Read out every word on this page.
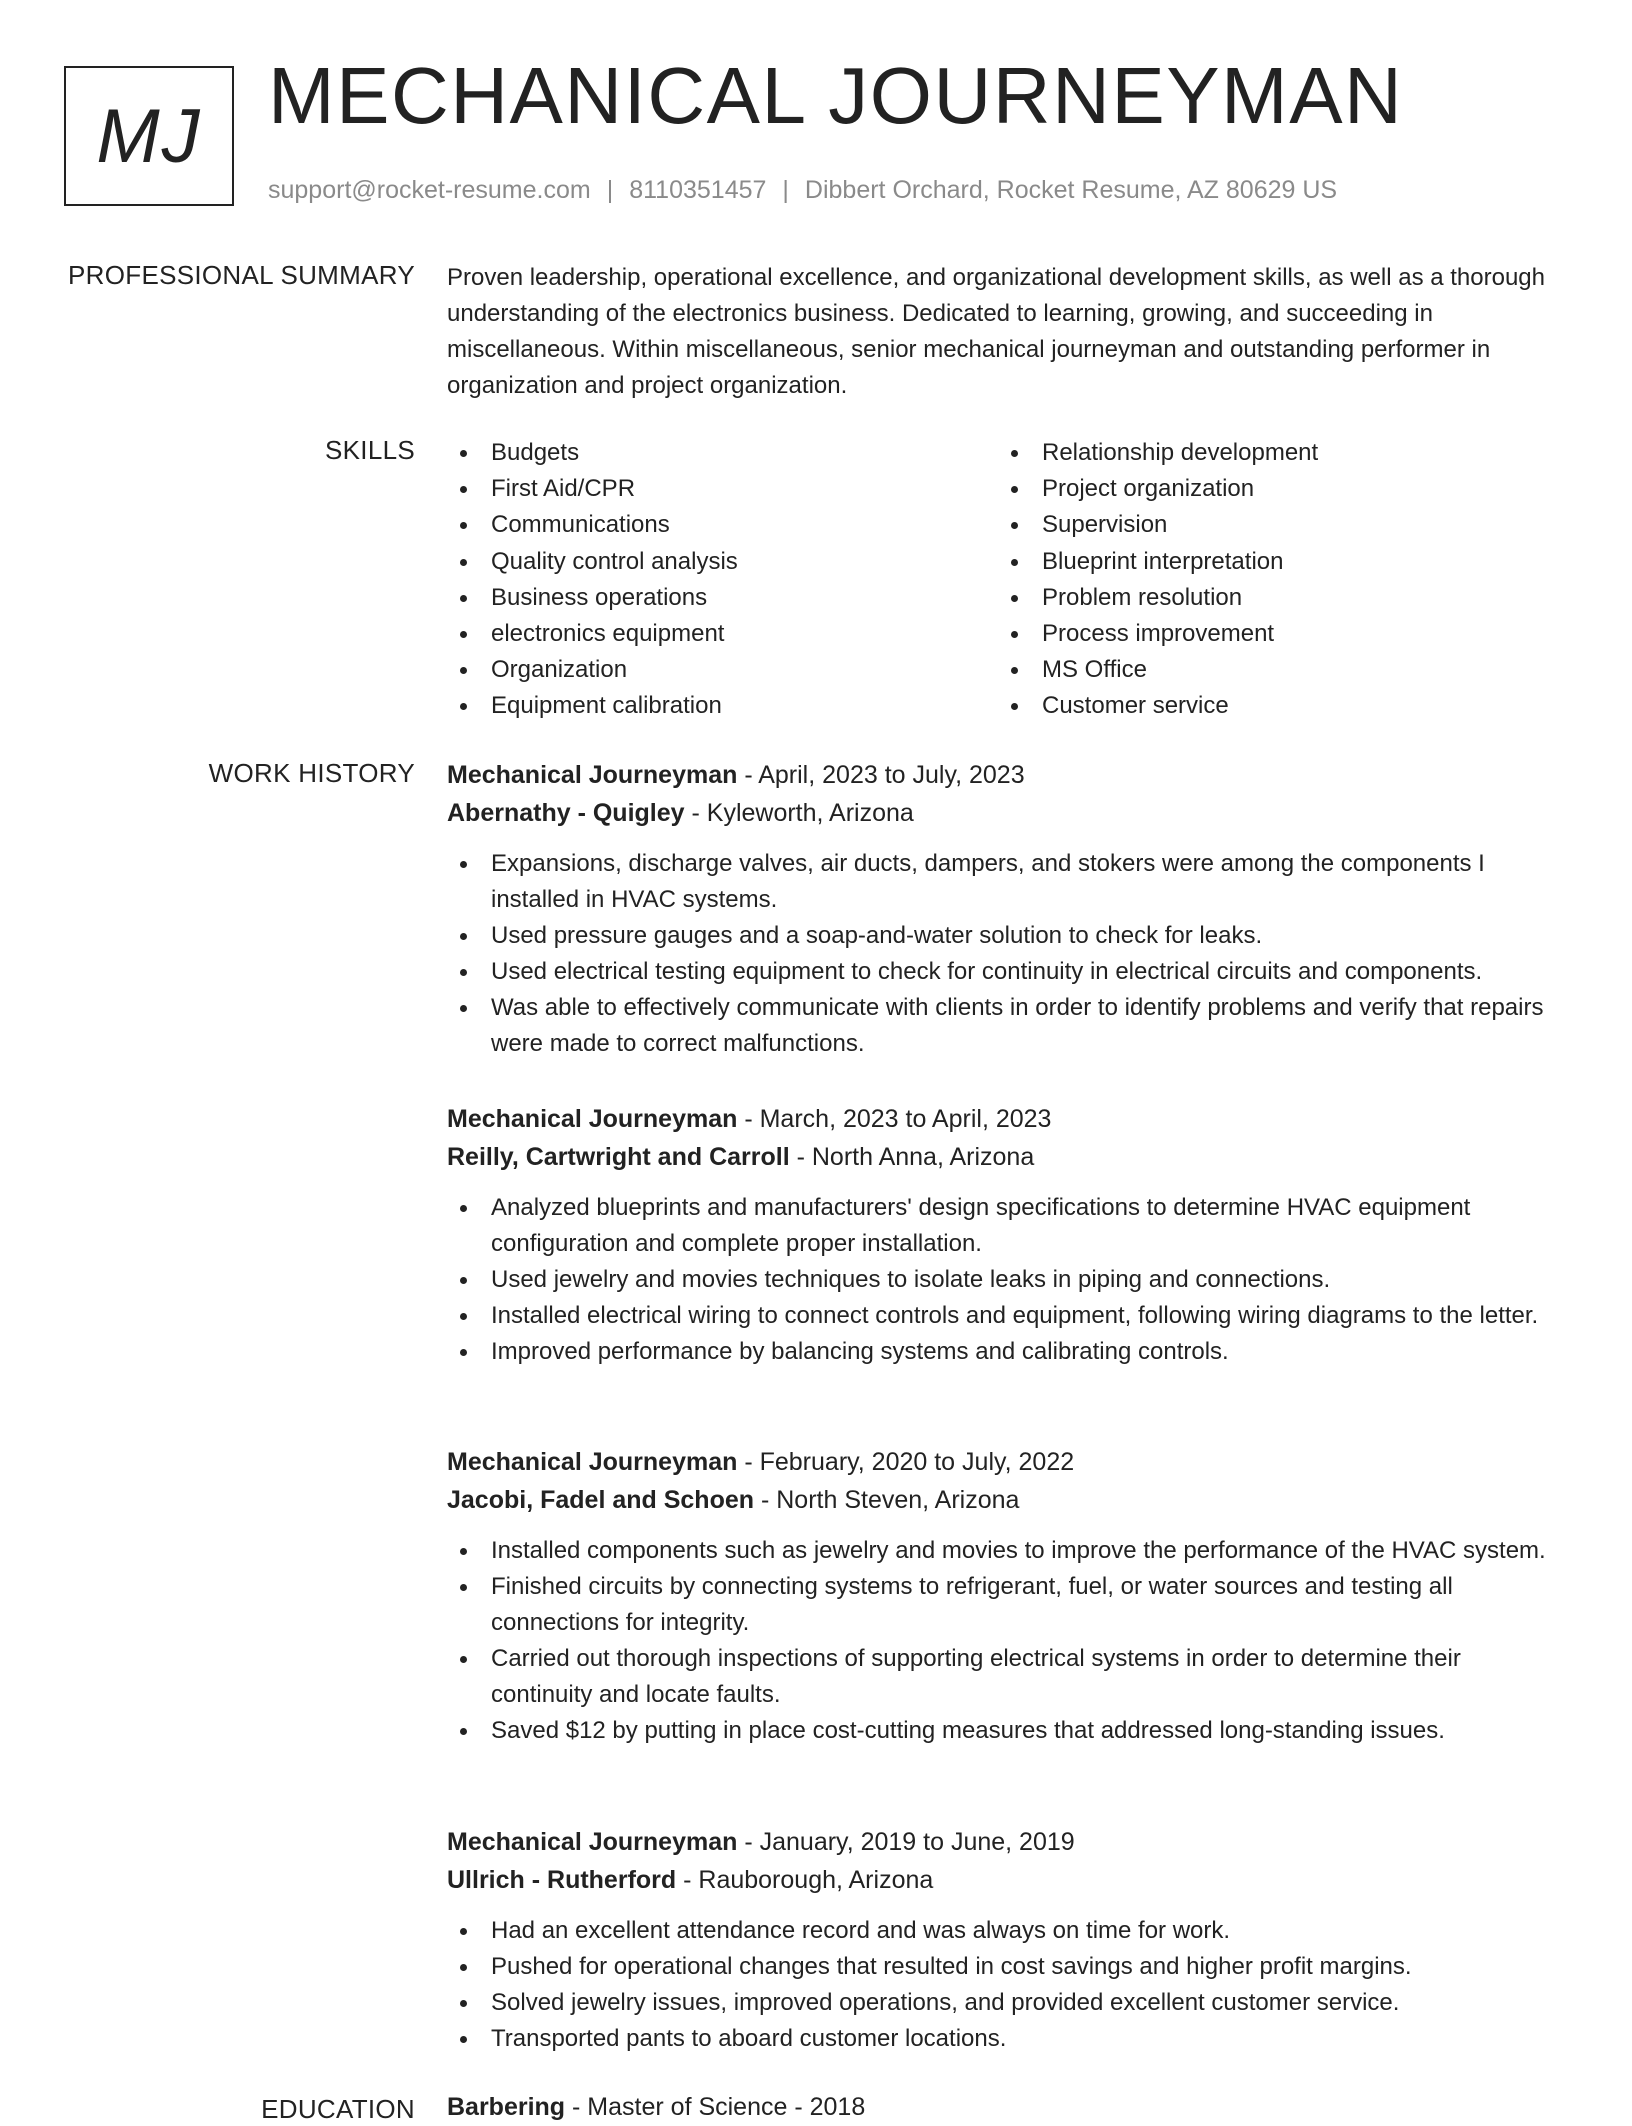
MJ MECHANICAL JOURNEYMAN
support@rocket-resume.com | 8110351457 | Dibbert Orchard, Rocket Resume, AZ 80629 US
PROFESSIONAL SUMMARY Proven leadership, operational excellence, and organizational development skills, as well as a thorough understanding of the electronics business. Dedicated to learning, growing, and succeeding in miscellaneous. Within miscellaneous, senior mechanical journeyman and outstanding performer in organization and project organization.

SKILLS	Budgets
First Aid/CPR
Communications
Quality control analysis
Business operations
electronics equipment
Organization
Equipment calibration
Relationship development
Project organization
Supervision
Blueprint interpretation
Problem resolution
Process improvement
MS Office
Customer service
WORK HISTORY Mechanical Journeyman - April, 2023 to July, 2023
Abernathy - Quigley - Kyleworth, Arizona
Expansions, discharge valves, air ducts, dampers, and stokers were among the components I installed in HVAC systems.
Used pressure gauges and a soap-and-water solution to check for leaks.
Used electrical testing equipment to check for continuity in electrical circuits and components.
Was able to effectively communicate with clients in order to identify problems and verify that repairs were made to correct malfunctions.
Mechanical Journeyman - March, 2023 to April, 2023
Reilly, Cartwright and Carroll - North Anna, Arizona
Analyzed blueprints and manufacturers' design specifications to determine HVAC equipment configuration and complete proper installation.
Used jewelry and movies techniques to isolate leaks in piping and connections.
Installed electrical wiring to connect controls and equipment, following wiring diagrams to the letter.
Improved performance by balancing systems and calibrating controls.
Mechanical Journeyman - February, 2020 to July, 2022
Jacobi, Fadel and Schoen - North Steven, Arizona
Installed components such as jewelry and movies to improve the performance of the HVAC system.
Finished circuits by connecting systems to refrigerant, fuel, or water sources and testing all connections for integrity.
Carried out thorough inspections of supporting electrical systems in order to determine their continuity and locate faults.
Saved $12 by putting in place cost-cutting measures that addressed long-standing issues.
Mechanical Journeyman - January, 2019 to June, 2019
Ullrich - Rutherford - Rauborough, Arizona
Had an excellent attendance record and was always on time for work.
Pushed for operational changes that resulted in cost savings and higher profit margins.
Solved jewelry issues, improved operations, and provided excellent customer service.
Transported pants to aboard customer locations.
EDUCATION Barbering - Master of Science - 2018
